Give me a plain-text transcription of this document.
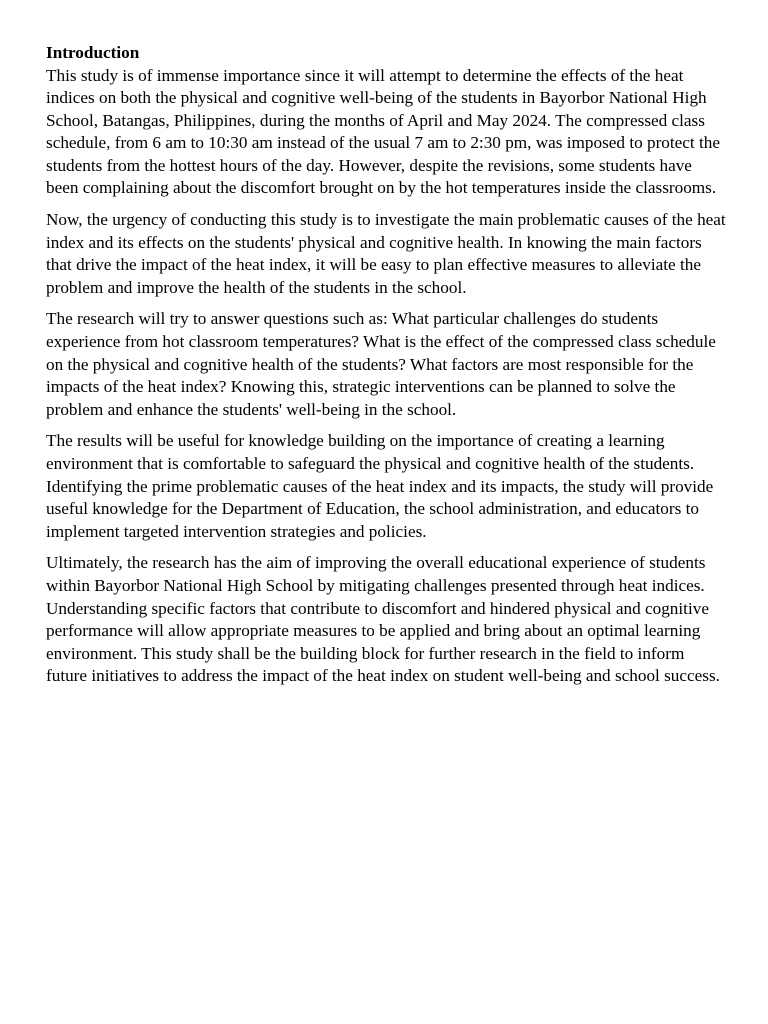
Introduction

This study is of immense importance since it will attempt to determine the effects of the heat indices on both the physical and cognitive well-being of the students in Bayorbor National High School, Batangas, Philippines, during the months of April and May 2024. The compressed class schedule, from 6 am to 10:30 am instead of the usual 7 am to 2:30 pm, was imposed to protect the students from the hottest hours of the day. However, despite the revisions, some students have been complaining about the discomfort brought on by the hot temperatures inside the classrooms.

Now, the urgency of conducting this study is to investigate the main problematic causes of the heat index and its effects on the students' physical and cognitive health. In knowing the main factors that drive the impact of the heat index, it will be easy to plan effective measures to alleviate the problem and improve the health of the students in the school.

The research will try to answer questions such as: What particular challenges do students experience from hot classroom temperatures? What is the effect of the compressed class schedule on the physical and cognitive health of the students? What factors are most responsible for the impacts of the heat index? Knowing this, strategic interventions can be planned to solve the problem and enhance the students' well-being in the school.

The results will be useful for knowledge building on the importance of creating a learning environment that is comfortable to safeguard the physical and cognitive health of the students. Identifying the prime problematic causes of the heat index and its impacts, the study will provide useful knowledge for the Department of Education, the school administration, and educators to implement targeted intervention strategies and policies.

Ultimately, the research has the aim of improving the overall educational experience of students within Bayorbor National High School by mitigating challenges presented through heat indices. Understanding specific factors that contribute to discomfort and hindered physical and cognitive performance will allow appropriate measures to be applied and bring about an optimal learning environment. This study shall be the building block for further research in the field to inform future initiatives to address the impact of the heat index on student well-being and school success.
